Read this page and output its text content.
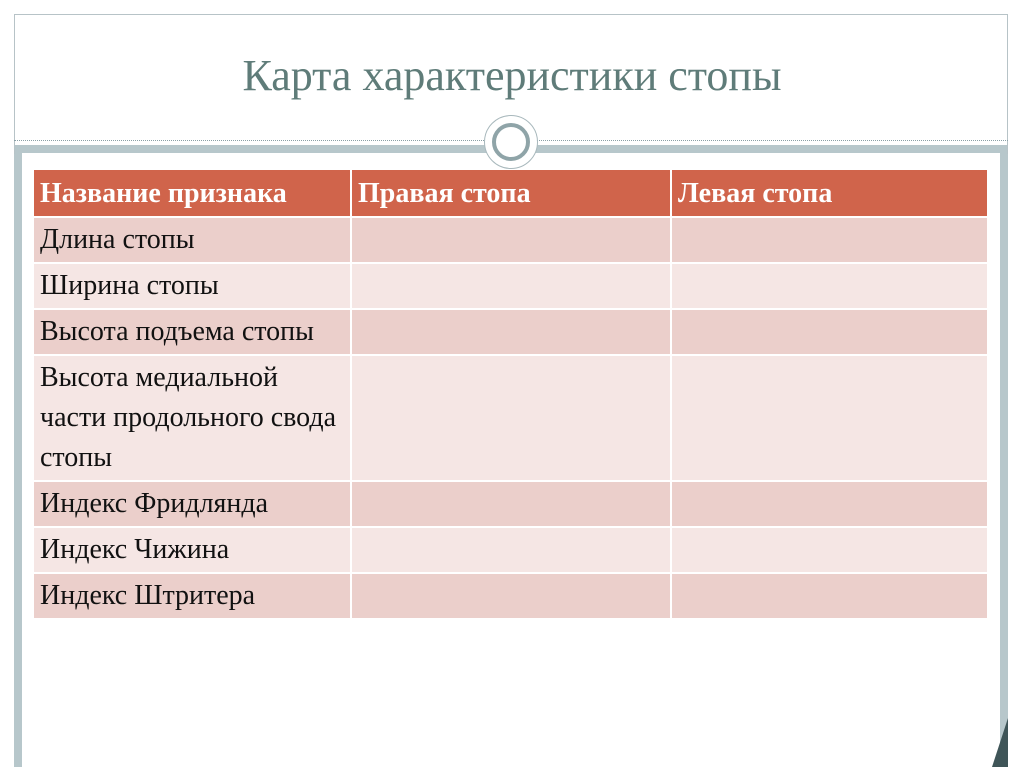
Карта характеристики стопы
Название признака	Правая стопа	Левая стопа
Длина стопы		
Ширина стопы		
Высота подъема стопы		
Высота медиальной части продольного свода стопы		
Индекс Фридлянда		
Индекс Чижина		
Индекс Штритера		
